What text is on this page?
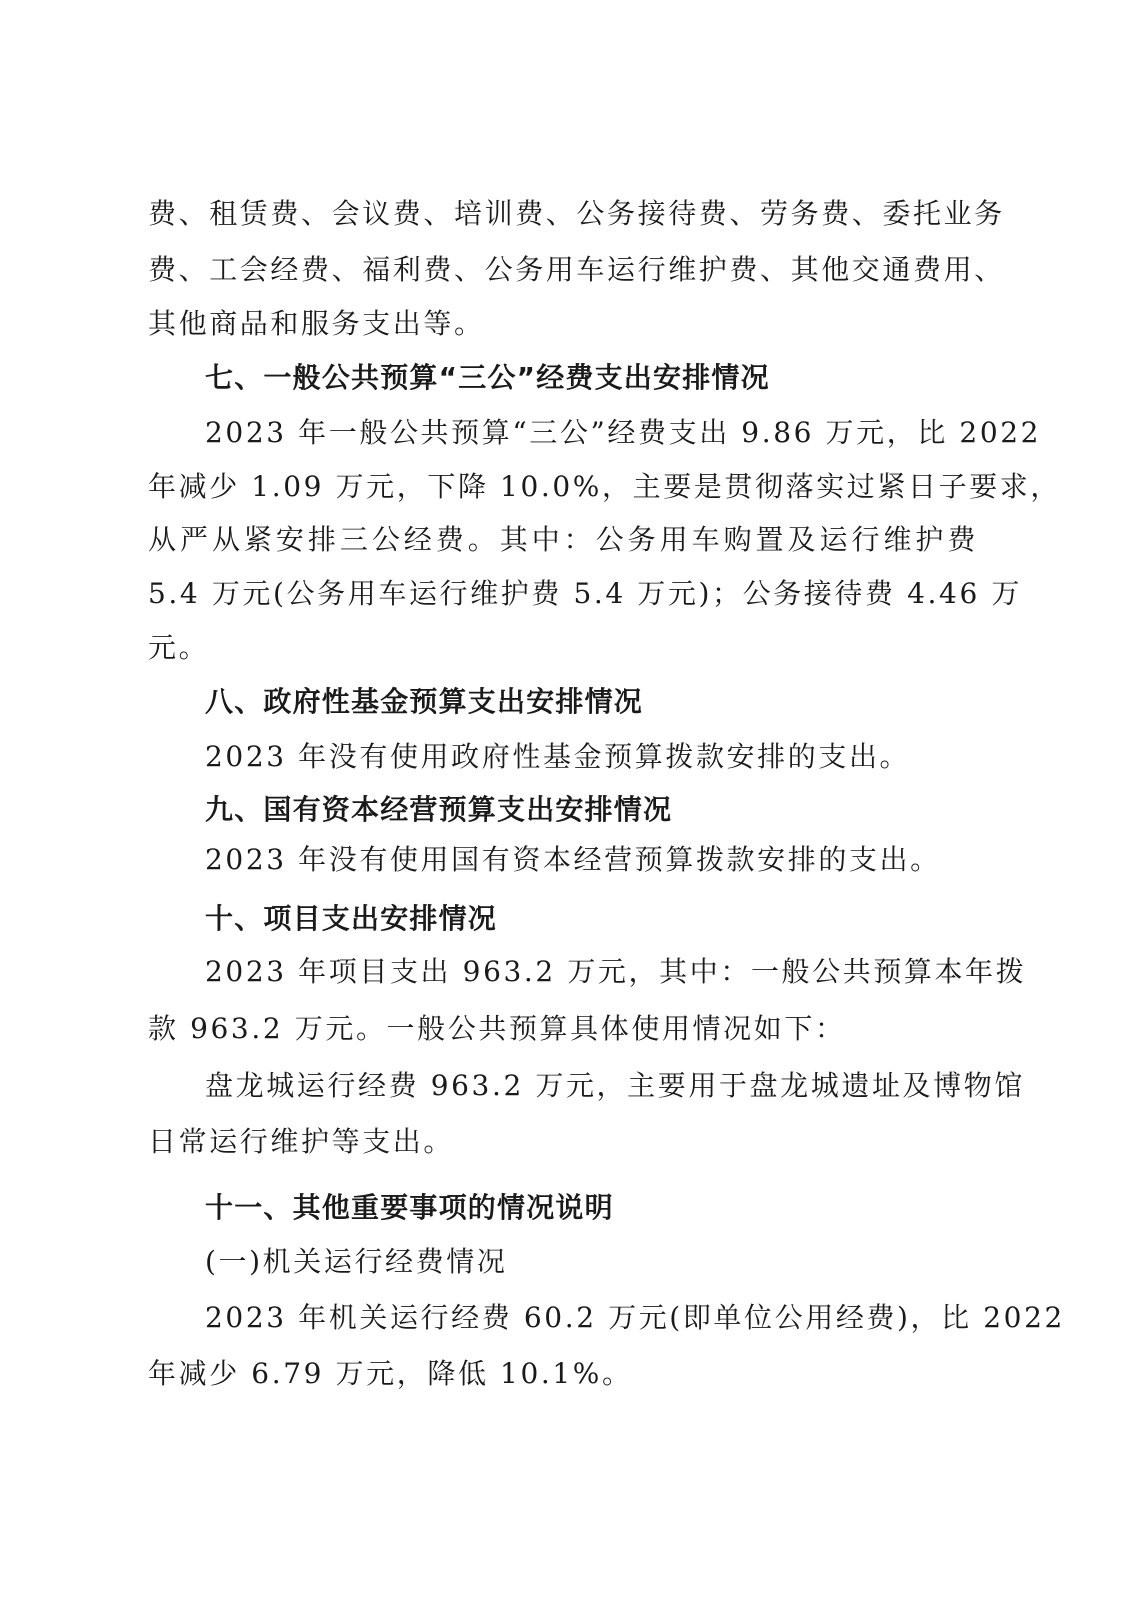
费、租赁费、会议费、培训费、公务接待费、劳务费、委托业务
费、工会经费、福利费、公务用车运行维护费、其他交通费用、
其他商品和服务支出等。
七、一般公共预算“三公”经费支出安排情况
2023 年一般公共预算“三公”经费支出 9.86 万元，比 2022
年减少 1.09 万元，下降 10.0%，主要是贯彻落实过紧日子要求，
从严从紧安排三公经费。其中：公务用车购置及运行维护费
5.4 万元(公务用车运行维护费 5.4 万元)；公务接待费 4.46 万
元。
八、政府性基金预算支出安排情况
2023 年没有使用政府性基金预算拨款安排的支出。
九、国有资本经营预算支出安排情况
2023 年没有使用国有资本经营预算拨款安排的支出。
十、项目支出安排情况
2023 年项目支出 963.2 万元，其中：一般公共预算本年拨
款 963.2 万元。一般公共预算具体使用情况如下：
盘龙城运行经费 963.2 万元，主要用于盘龙城遗址及博物馆
日常运行维护等支出。
十一、其他重要事项的情况说明
(一)机关运行经费情况
2023 年机关运行经费 60.2 万元(即单位公用经费)，比 2022
年减少 6.79 万元，降低 10.1%。
